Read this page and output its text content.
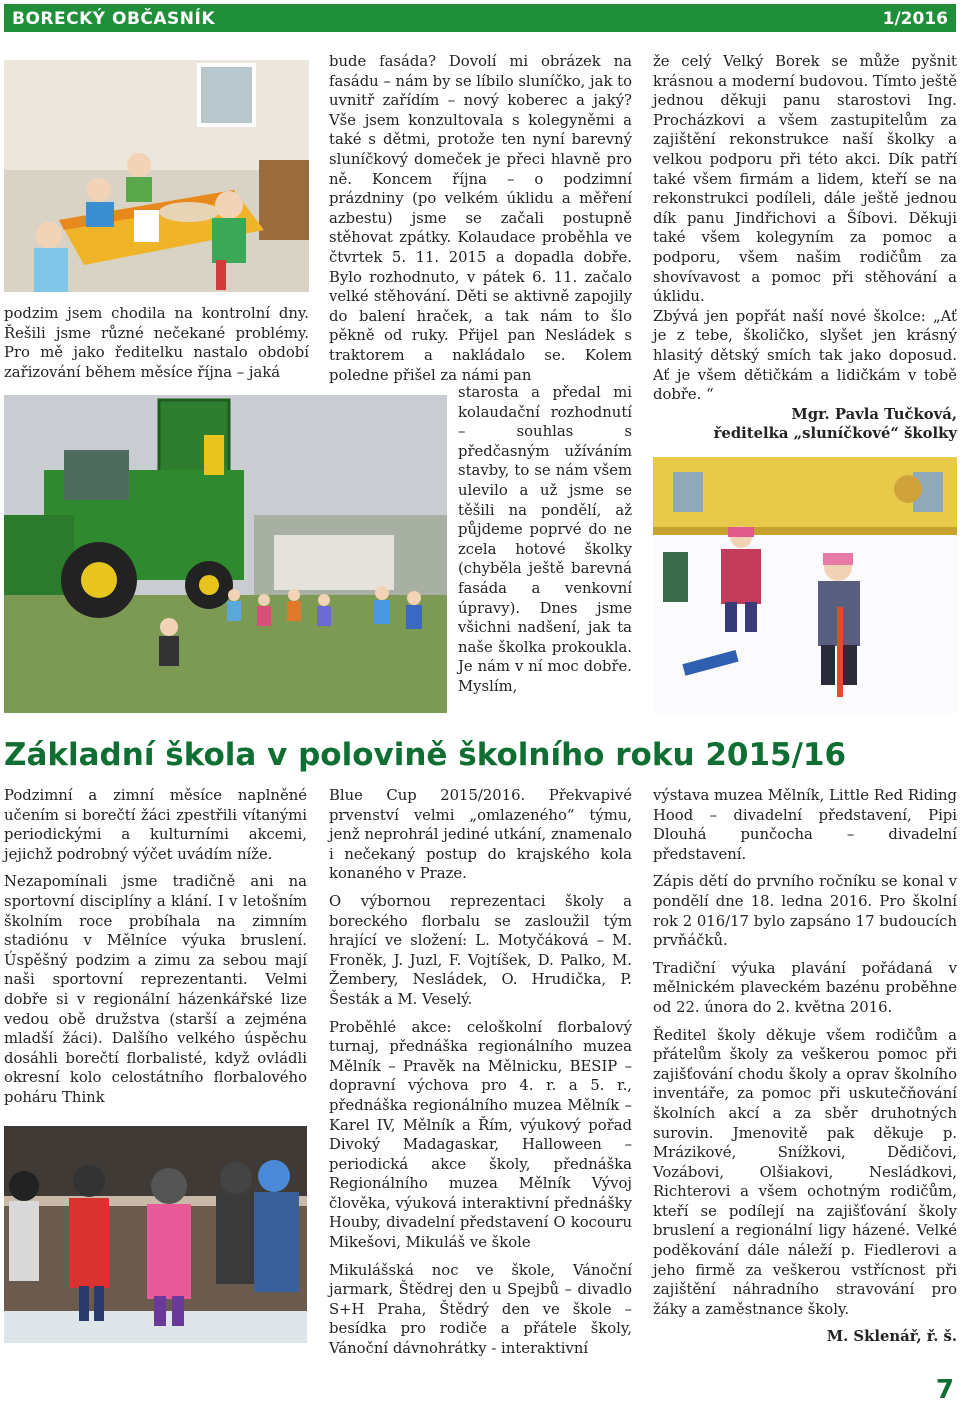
BORECKÝ OBČASNÍK	1/2016
podzim jsem chodila na kontrolní dny. Řešili jsme různé nečekané problémy. Pro mě jako ředitelku nastalo období zařizování během měsíce října – jaká
bude fasáda? Dovolí mi obrázek na fasádu – nám by se líbilo sluníčko, jak to uvnitř zařídím – nový koberec a jaký? Vše jsem konzultovala s kolegyněmi a také s dětmi, protože ten nyní barevný sluníčkový domeček je přeci hlavně pro ně. Koncem října – o podzimní prázdniny (po velkém úklidu a měření azbestu) jsme se začali postupně stěhovat zpátky. Kolaudace proběhla ve čtvrtek 5. 11. 2015 a dopadla dobře. Bylo rozhodnuto, v pátek 6. 11. začalo velké stěhování. Děti se aktivně zapojily do balení hraček, a tak nám to šlo pěkně od ruky. Přijel pan Nesládek s traktorem a nakládalo se. Kolem poledne přišel za námi pan
starosta a předal mi kolaudační rozhodnutí – souhlas s předčasným užíváním stavby, to se nám všem ulevilo a už jsme se těšili na pondělí, až půjdeme poprvé do ne zcela hotové školky (chyběla ještě barevná fasáda a venkovní úpravy). Dnes jsme všichni nadšení, jak ta naše školka prokoukla. Je nám v ní moc dobře. Myslím,

že celý Velký Borek se může pyšnit krásnou a moderní budovou. Tímto ještě jednou děkuji panu starostovi Ing. Procházkovi a všem zastupitelům za zajištění rekonstrukce naší školky a velkou podporu při této akci. Dík patří také všem firmám a lidem, kteří se na rekonstrukci podíleli, dále ještě jednou dík panu Jindřichovi a Šíbovi. Děkuji také všem kolegyním za pomoc a podporu, všem našim rodičům za shovívavost a pomoc při stěhování a úklidu.

Zbývá jen popřát naší nové školce: „Ať je z tebe, školičko, slyšet jen krásný hlasitý dětský smích tak jako doposud. Ať je všem dětičkám a lidičkám v tobě dobře. “

Mgr. Pavla Tučková,
ředitelka „sluníčkové“ školky
Základní škola v polovině školního roku 2015/16

Podzimní a zimní měsíce naplněné učením si borečtí žáci zpestřili vítanými periodickými a kulturními akcemi, jejichž podrobný výčet uvádím níže.

Nezapomínali jsme tradičně ani na sportovní disciplíny a klání. I v letošním školním roce probíhala na zimním stadiónu v Mělníce výuka bruslení. Úspěšný podzim a zimu za sebou mají naši sportovní reprezentanti. Velmi dobře si v regionální házenkářské lize vedou obě družstva (starší a zejména mladší žáci). Dalšího velkého úspěchu dosáhli borečtí florbalisté, když ovládli okresní kolo celostátního florbalového poháru Think

Blue Cup 2015/2016. Překvapivé prvenství velmi „omlazeného“ týmu, jenž neprohrál jediné utkání, znamenalo i nečekaný postup do krajského kola konaného v Praze.

O výbornou reprezentaci školy a boreckého florbalu se zasloužil tým hrající ve složení: L. Motyčáková – M. Froněk, J. Juzl, F. Vojtíšek, D. Palko, M. Žembery, Nesládek, O. Hrudička, P. Šesták a M. Veselý.

Proběhlé akce: celoškolní florbalový turnaj, přednáška regionálního muzea Mělník – Pravěk na Mělnicku, BESIP – dopravní výchova pro 4. r. a 5. r., přednáška regionálního muzea Mělník – Karel IV, Mělník a Řím, výukový pořad Divoký Madagaskar, Halloween – periodická akce školy, přednáška Regionálního muzea Mělník Vývoj člověka, výuková interaktivní přednášky Houby, divadelní představení O kocouru Mikešovi, Mikuláš ve škole

Mikulášská noc ve škole, Vánoční jarmark, Štědrej den u Spejbů – divadlo S+H Praha, Štědrý den ve škole – besídka pro rodiče a přátele školy, Vánoční dávnohrátky - interaktivní

výstava muzea Mělník, Little Red Riding Hood – divadelní představení, Pipi Dlouhá punčocha – divadelní představení.

Zápis dětí do prvního ročníku se konal v pondělí dne 18. ledna 2016. Pro školní rok 2 016/17 bylo zapsáno 17 budoucích prvňáčků.

Tradiční výuka plavání pořádaná v mělnickém plaveckém bazénu proběhne od 22. února do 2. května 2016.

Ředitel školy děkuje všem rodičům a přátelům školy za veškerou pomoc při zajišťování chodu školy a oprav školního inventáře, za pomoc při uskutečňování školních akcí a za sběr druhotných surovin. Jmenovitě pak děkuje p. Mrázikové, Snížkovi, Dědičovi, Vozábovi, Olšiakovi, Nesládkovi, Richterovi a všem ochotným rodičům, kteří se podílejí na zajišťování školy bruslení a regionální ligy házené. Velké poděkování dále náleží p. Fiedlerovi a jeho firmě za veškerou vstřícnost při zajištění náhradního stravování pro žáky a zaměstnance školy.

M. Sklenář, ř. š.
7
